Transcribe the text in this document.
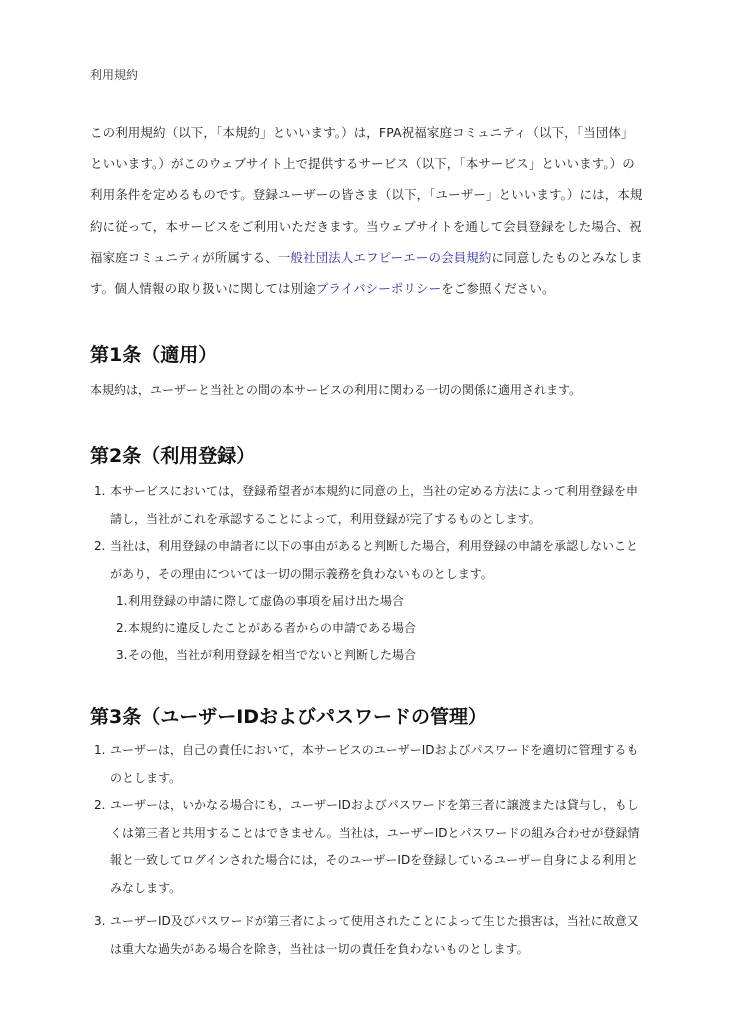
利用規約

この利用規約（以下，「本規約」といいます。）は，FPA祝福家庭コミュニティ（以下，「当団体」といいます。）がこのウェブサイト上で提供するサービス（以下，「本サービス」といいます。）の利用条件を定めるものです。登録ユーザーの皆さま（以下，「ユーザー」といいます。）には，本規約に従って，本サービスをご利用いただきます。当ウェブサイトを通して会員登録をした場合、祝福家庭コミュニティが所属する、一般社団法人エフピーエーの会員規約に同意したものとみなします。個人情報の取り扱いに関しては別途プライバシーポリシーをご参照ください。

第1条（適用）

本規約は，ユーザーと当社との間の本サービスの利用に関わる一切の関係に適用されます。

第2条（利用登録）
1. 本サービスにおいては，登録希望者が本規約に同意の上，当社の定める方法によって利用登録を申請し，当社がこれを承認することによって，利用登録が完了するものとします。
2. 当社は，利用登録の申請者に以下の事由があると判断した場合，利用登録の申請を承認しないことがあり，その理由については一切の開示義務を負わないものとします。
1. 利用登録の申請に際して虚偽の事項を届け出た場合
2. 本規約に違反したことがある者からの申請である場合
3. その他，当社が利用登録を相当でないと判断した場合
第3条（ユーザーIDおよびパスワードの管理）
1. ユーザーは，自己の責任において，本サービスのユーザーIDおよびパスワードを適切に管理するものとします。
2. ユーザーは，いかなる場合にも，ユーザーIDおよびパスワードを第三者に譲渡または貸与し，もしくは第三者と共用することはできません。当社は，ユーザーIDとパスワードの組み合わせが登録情報と一致してログインされた場合には，そのユーザーIDを登録しているユーザー自身による利用とみなします。
3. ユーザーID及びパスワードが第三者によって使用されたことによって生じた損害は，当社に故意又は重大な過失がある場合を除き，当社は一切の責任を負わないものとします。
